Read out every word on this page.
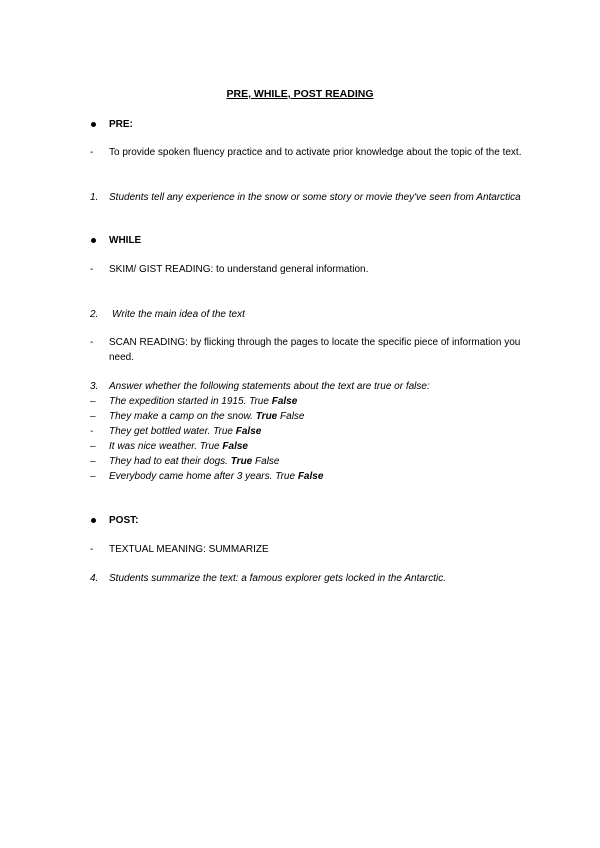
PRE, WHILE, POST READING
PRE:
-	To provide spoken fluency practice and to activate prior knowledge about the topic of the text.
1.	Students tell any experience in the snow or some story or movie they've seen from Antarctica
WHILE
-	SKIM/ GIST READING: to understand general information.
2.	Write the main idea of the text
-	SCAN READING: by flicking through the pages to locate the specific piece of information you need.
3.	Answer whether the following statements about the text are true or false:
–	The expedition started in 1915. True False
–	They make a camp on the snow. True False
-	They get bottled water. True False
–	It was nice weather. True False
–	They had to eat their dogs. True False
–	Everybody came home after 3 years. True False
POST:
-	TEXTUAL MEANING: SUMMARIZE
4.	Students summarize the text: a famous explorer gets locked in the Antarctic.
